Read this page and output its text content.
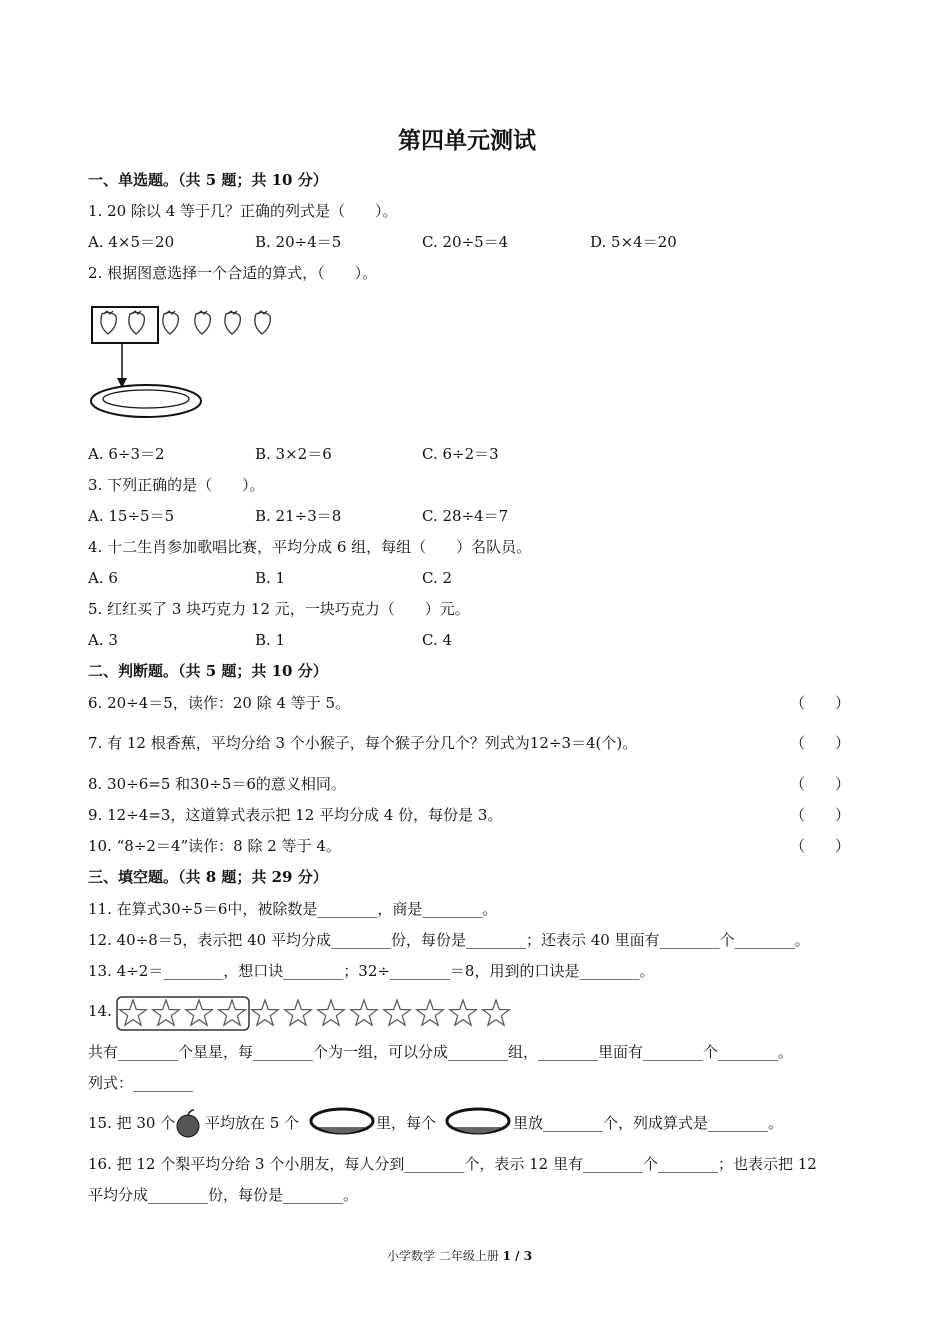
第四单元测试
一、单选题。（共 5 题；共 10 分）
1. 20 除以 4 等于几？正确的列式是（　　）。
A. 4×5＝20	B. 20÷4＝5	C. 20÷5＝4	D. 5×4＝20
2. 根据图意选择一个合适的算式，（　　）。
A. 6÷3＝2	B. 3×2＝6	C. 6÷2＝3
3. 下列正确的是（　　）。
A. 15÷5＝5	B. 21÷3＝8	C. 28÷4＝7
4. 十二生肖参加歌唱比赛，平均分成 6 组，每组（　　）名队员。
A. 6	B. 1	C. 2
5. 红红买了 3 块巧克力 12 元，一块巧克力（　　）元。
A. 3	B. 1	C. 4
二、判断题。（共 5 题；共 10 分）
6. 20÷4＝5，读作：20 除 4 等于 5。	（　　）
7. 有 12 根香蕉，平均分给 3 个小猴子，每个猴子分几个？列式为12÷3＝4(个)。	（　　）
8. 30÷6=5 和30÷5＝6的意义相同。	（　　）
9. 12÷4=3，这道算式表示把 12 平均分成 4 份，每份是 3。	（　　）
10. “8÷2＝4”读作：8 除 2 等于 4。	（　　）
三、填空题。（共 8 题；共 29 分）
11. 在算式30÷5＝6中，被除数是________，商是________。
12. 40÷8＝5，表示把 40 平均分成________份，每份是________；还表示 40 里面有________个________。
13. 4÷2＝________，想口诀________；32÷________＝8，用到的口诀是________。
14.
共有________个星星，每________个为一组，可以分成________组，________里面有________个________。
列式：________
15. 把 30 个 平均放在 5 个	里，每个	里放________个，列成算式是________。
16. 把 12 个梨平均分给 3 个小朋友，每人分到________个，表示 12 里有________个________；也表示把 12
平均分成________份，每份是________。
小学数学 二年级上册 1 / 3
